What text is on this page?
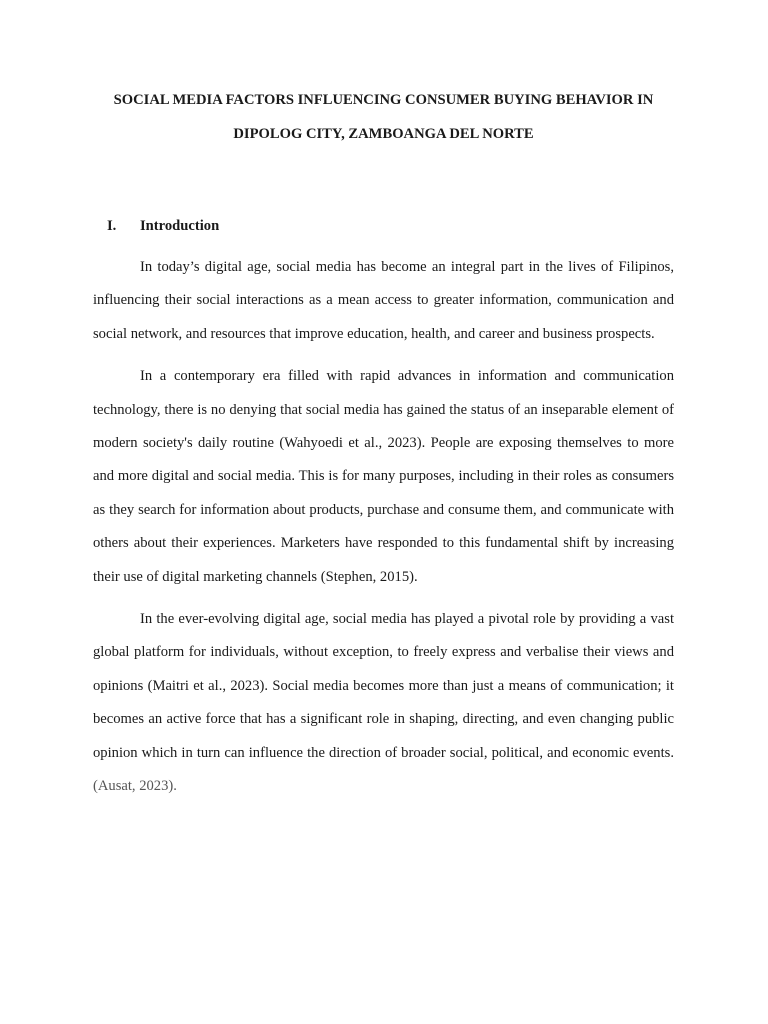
SOCIAL MEDIA FACTORS INFLUENCING CONSUMER BUYING BEHAVIOR IN
DIPOLOG CITY, ZAMBOANGA DEL NORTE
I. Introduction

In today’s digital age, social media has become an integral part in the lives of Filipinos, influencing their social interactions as a mean access to greater information, communication and social network, and resources that improve education, health, and career and business prospects.

In a contemporary era filled with rapid advances in information and communication technology, there is no denying that social media has gained the status of an inseparable element of modern society's daily routine (Wahyoedi et al., 2023). People are exposing themselves to more and more digital and social media. This is for many purposes, including in their roles as consumers as they search for information about products, purchase and consume them, and communicate with others about their experiences. Marketers have responded to this fundamental shift by increasing their use of digital marketing channels (Stephen, 2015).

In the ever-evolving digital age, social media has played a pivotal role by providing a vast global platform for individuals, without exception, to freely express and verbalise their views and opinions (Maitri et al., 2023). Social media becomes more than just a means of communication; it becomes an active force that has a significant role in shaping, directing, and even changing public opinion which in turn can influence the direction of broader social, political, and economic events. (Ausat, 2023).
